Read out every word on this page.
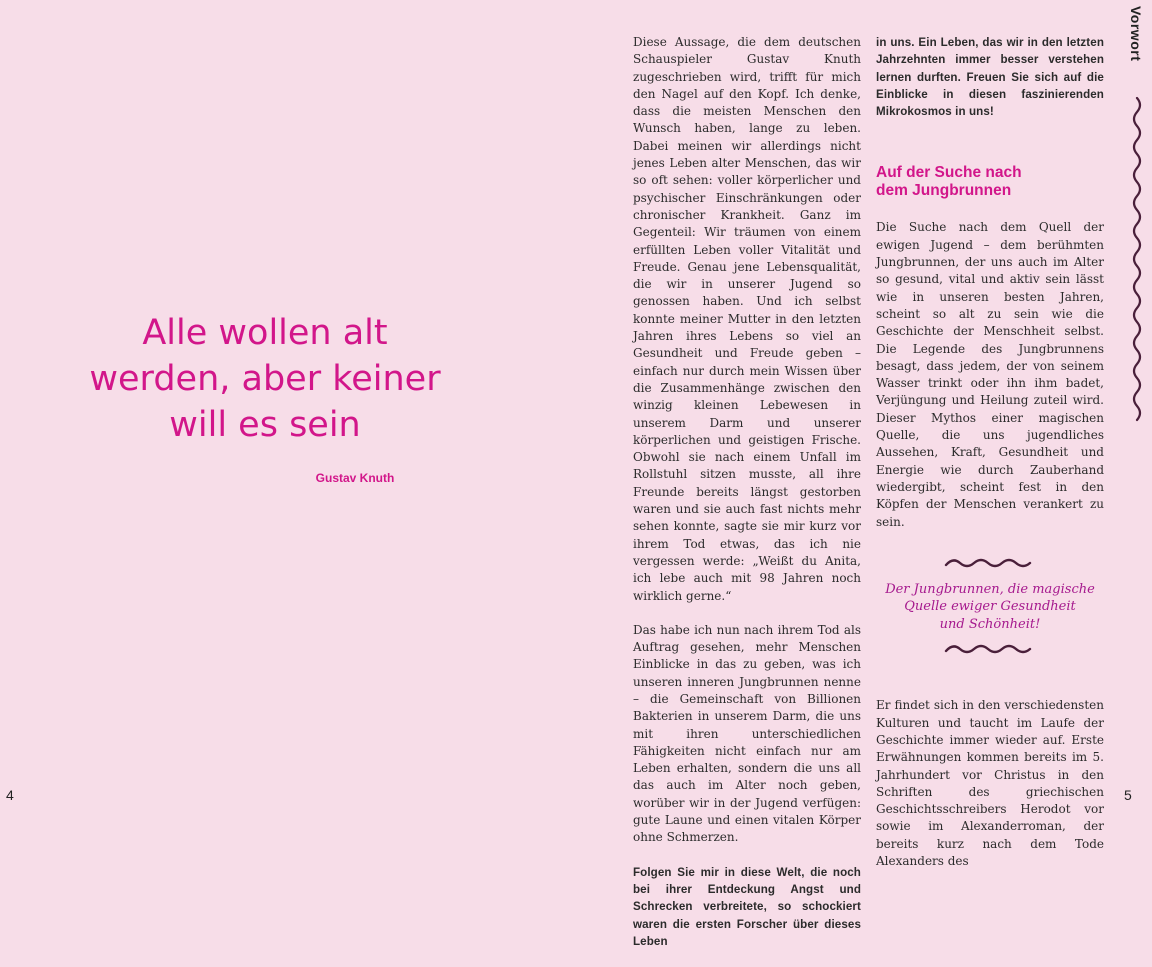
Alle wollen alt
werden, aber keiner
will es sein
Gustav Knuth
4

Diese Aussage, die dem deutschen Schauspieler Gustav Knuth zugeschrieben wird, trifft für mich den Nagel auf den Kopf. Ich denke, dass die meisten Menschen den Wunsch haben, lange zu leben. Dabei meinen wir allerdings nicht jenes Leben alter Menschen, das wir so oft sehen: voller körperlicher und psychischer Einschränkungen oder chronischer Krankheit. Ganz im Gegenteil: Wir träumen von einem erfüllten Leben voller Vitalität und Freude. Genau jene Lebensqualität, die wir in unserer Jugend so genossen haben. Und ich selbst konnte meiner Mutter in den letzten Jahren ihres Lebens so viel an Gesundheit und Freude geben – einfach nur durch mein Wissen über die Zusammenhänge zwischen den winzig kleinen Lebewesen in unserem Darm und unserer körperlichen und geistigen Frische. Obwohl sie nach einem Unfall im Rollstuhl sitzen musste, all ihre Freunde bereits längst gestorben waren und sie auch fast nichts mehr sehen konnte, sagte sie mir kurz vor ihrem Tod etwas, das ich nie vergessen werde: „Weißt du Anita, ich lebe auch mit 98 Jahren noch wirklich gerne.“

Das habe ich nun nach ihrem Tod als Auftrag gesehen, mehr Menschen Einblicke in das zu geben, was ich unseren inneren Jungbrunnen nenne – die Gemeinschaft von Billionen Bakterien in unserem Darm, die uns mit ihren unterschiedlichen Fähigkeiten nicht einfach nur am Leben erhalten, sondern die uns all das auch im Alter noch geben, worüber wir in der Jugend verfügen: gute Laune und einen vitalen Körper ohne Schmerzen.

Folgen Sie mir in diese Welt, die noch bei ihrer Entdeckung Angst und Schrecken verbreitete, so schockiert waren die ersten Forscher über dieses Leben

in uns. Ein Leben, das wir in den letzten Jahrzehnten immer besser verstehen lernen durften. Freuen Sie sich auf die Einblicke in diesen faszinierenden Mikrokosmos in uns!

Auf der Suche nach
dem Jungbrunnen

Die Suche nach dem Quell der ewigen Jugend – dem berühmten Jungbrunnen, der uns auch im Alter so gesund, vital und aktiv sein lässt wie in unseren besten Jahren, scheint so alt zu sein wie die Geschichte der Menschheit selbst. Die Legende des Jungbrunnens besagt, dass jedem, der von seinem Wasser trinkt oder ihn ihm badet, Verjüngung und Heilung zuteil wird. Dieser Mythos einer magischen Quelle, die uns jugendliches Aussehen, Kraft, Gesundheit und Energie wie durch Zauberhand wiedergibt, scheint fest in den Köpfen der Menschen verankert zu sein.

Der Jungbrunnen, die magische
Quelle ewiger Gesundheit
und Schönheit!

Er findet sich in den verschiedensten Kulturen und taucht im Laufe der Geschichte immer wieder auf. Erste Erwähnungen kommen bereits im 5. Jahrhundert vor Christus in den Schriften des griechischen Geschichtsschreibers Herodot vor sowie im Alexanderroman, der bereits kurz nach dem Tode Alexanders des

Vorwort
5
